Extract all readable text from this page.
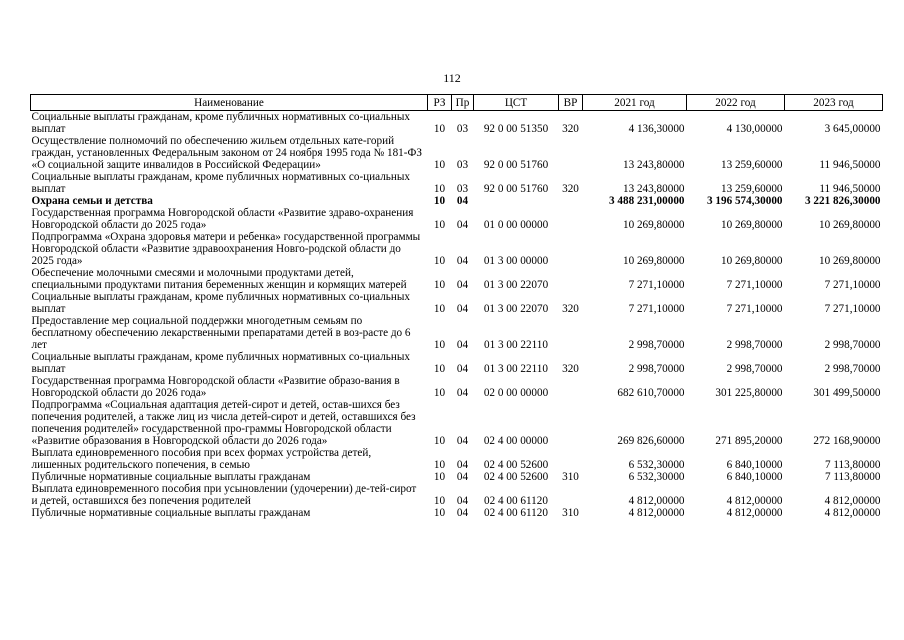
112
Наименование	РЗ	Пр	ЦСТ	ВР	2021 год	2022 год	2023 год
Социальные выплаты гражданам, кроме публичных нормативных со-циальных выплат	10	03	92 0 00 51350	320	4 136,30000	4 130,00000	3 645,00000
Осуществление полномочий по обеспечению жильем отдельных кате-горий граждан, установленных Федеральным законом от 24 ноября 1995 года № 181-ФЗ «О социальной защите инвалидов в Российской Федерации»	10	03	92 0 00 51760		13 243,80000	13 259,60000	11 946,50000
Социальные выплаты гражданам, кроме публичных нормативных со-циальных выплат	10	03	92 0 00 51760	320	13 243,80000	13 259,60000	11 946,50000
Охрана семьи и детства	10	04			3 488 231,00000	3 196 574,30000	3 221 826,30000
Государственная программа Новгородской области «Развитие здраво-охранения Новгородской области до 2025 года»	10	04	01 0 00 00000		10 269,80000	10 269,80000	10 269,80000
Подпрограмма «Охрана здоровья матери и ребенка» государственной программы Новгородской области «Развитие здравоохранения Новго-родской области до 2025 года»	10	04	01 3 00 00000		10 269,80000	10 269,80000	10 269,80000
Обеспечение молочными смесями и молочными продуктами детей, специальными продуктами питания беременных женщин и кормящих матерей	10	04	01 3 00 22070		7 271,10000	7 271,10000	7 271,10000
Социальные выплаты гражданам, кроме публичных нормативных со-циальных выплат	10	04	01 3 00 22070	320	7 271,10000	7 271,10000	7 271,10000
Предоставление мер социальной поддержки многодетным семьям по бесплатному обеспечению лекарственными препаратами детей в воз-расте до 6 лет	10	04	01 3 00 22110		2 998,70000	2 998,70000	2 998,70000
Социальные выплаты гражданам, кроме публичных нормативных со-циальных выплат	10	04	01 3 00 22110	320	2 998,70000	2 998,70000	2 998,70000
Государственная программа Новгородской области «Развитие образо-вания в Новгородской области до 2026 года»	10	04	02 0 00 00000		682 610,70000	301 225,80000	301 499,50000
Подпрограмма «Социальная адаптация детей-сирот и детей, остав-шихся без попечения родителей, а также лиц из числа детей-сирот и детей, оставшихся без попечения родителей» государственной про-граммы Новгородской области «Развитие образования в Новгородской области до 2026 года»	10	04	02 4 00 00000		269 826,60000	271 895,20000	272 168,90000
Выплата единовременного пособия при всех формах устройства детей, лишенных родительского попечения, в семью	10	04	02 4 00 52600		6 532,30000	6 840,10000	7 113,80000
Публичные нормативные социальные выплаты гражданам	10	04	02 4 00 52600	310	6 532,30000	6 840,10000	7 113,80000
Выплата единовременного пособия при усыновлении (удочерении) де-тей-сирот и детей, оставшихся без попечения родителей	10	04	02 4 00 61120		4 812,00000	4 812,00000	4 812,00000
Публичные нормативные социальные выплаты гражданам	10	04	02 4 00 61120	310	4 812,00000	4 812,00000	4 812,00000
